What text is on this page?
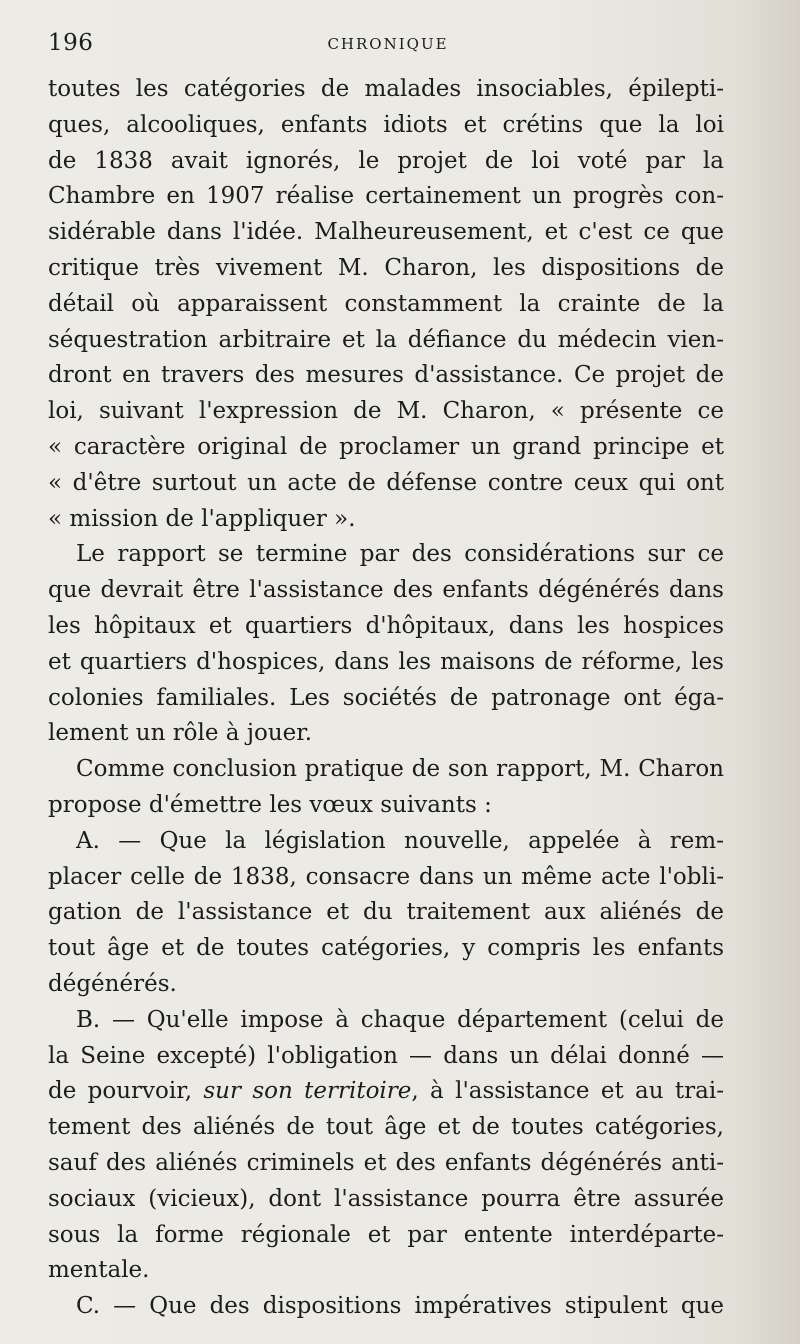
196	CHRONIQUE
toutes les catégories de malades insociables, épilepti-
ques, alcooliques, enfants idiots et crétins que la loi
de 1838 avait ignorés, le projet de loi voté par la
Chambre en 1907 réalise certainement un progrès con-
sidérable dans l'idée. Malheureusement, et c'est ce que
critique très vivement M. Charon, les dispositions de
détail où apparaissent constamment la crainte de la
séquestration arbitraire et la défiance du médecin vien-
dront en travers des mesures d'assistance. Ce projet de
loi, suivant l'expression de M. Charon, « présente ce
« caractère original de proclamer un grand principe et
« d'être surtout un acte de défense contre ceux qui ont
« mission de l'appliquer ».
Le rapport se termine par des considérations sur ce
que devrait être l'assistance des enfants dégénérés dans
les hôpitaux et quartiers d'hôpitaux, dans les hospices
et quartiers d'hospices, dans les maisons de réforme, les
colonies familiales. Les sociétés de patronage ont éga-
lement un rôle à jouer.
Comme conclusion pratique de son rapport, M. Charon
propose d'émettre les vœux suivants :
A. — Que la législation nouvelle, appelée à rem-
placer celle de 1838, consacre dans un même acte l'obli-
gation de l'assistance et du traitement aux aliénés de
tout âge et de toutes catégories, y compris les enfants
dégénérés.
B. — Qu'elle impose à chaque département (celui de
la Seine excepté) l'obligation — dans un délai donné —
de pourvoir, sur son territoire, à l'assistance et au trai-
tement des aliénés de tout âge et de toutes catégories,
sauf des aliénés criminels et des enfants dégénérés anti-
sociaux (vicieux), dont l'assistance pourra être assurée
sous la forme régionale et par entente interdéparte-
mentale.
C. — Que des dispositions impératives stipulent que
